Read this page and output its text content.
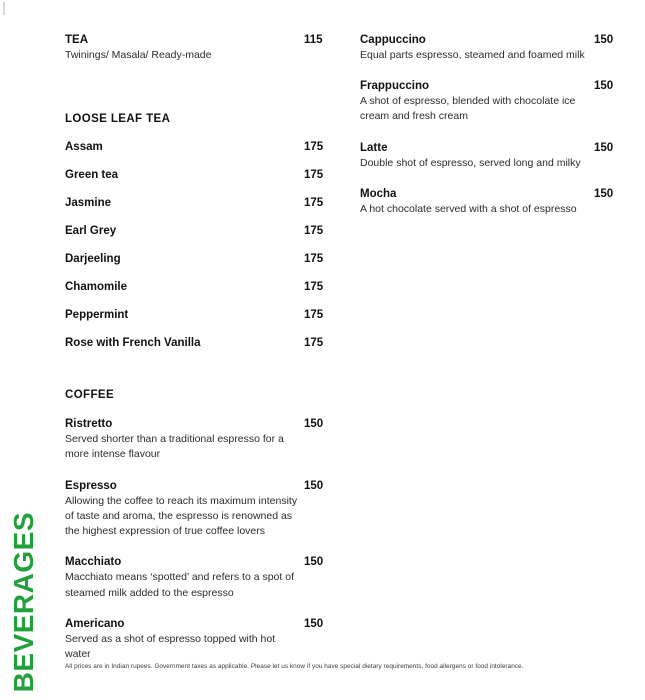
TEA	115
Twinings/ Masala/ Ready-made
LOOSE LEAF TEA
Assam	175
Green tea	175
Jasmine	175
Earl Grey	175
Darjeeling	175
Chamomile	175
Peppermint	175
Rose with French Vanilla	175
COFFEE
Ristretto	150
Served shorter than a traditional espresso for a more intense flavour
Espresso	150
Allowing the coffee to reach its maximum intensity of taste and aroma, the espresso is renowned as the highest expression of true coffee lovers
Macchiato	150
Macchiato means ‘spotted’ and refers to a spot of steamed milk added to the espresso
Americano	150
Served as a shot of espresso topped with hot water
Cappuccino	150
Equal parts espresso, steamed and foamed milk
Frappuccino	150
A shot of espresso, blended with chocolate ice cream and fresh cream
Latte	150
Double shot of espresso, served long and milky
Mocha	150
A hot chocolate served with a shot of espresso
BEVERAGES	All prices are in Indian rupees. Government taxes as applicable. Please let us know if you have special dietary requirements, food allergens or food intolerance.
